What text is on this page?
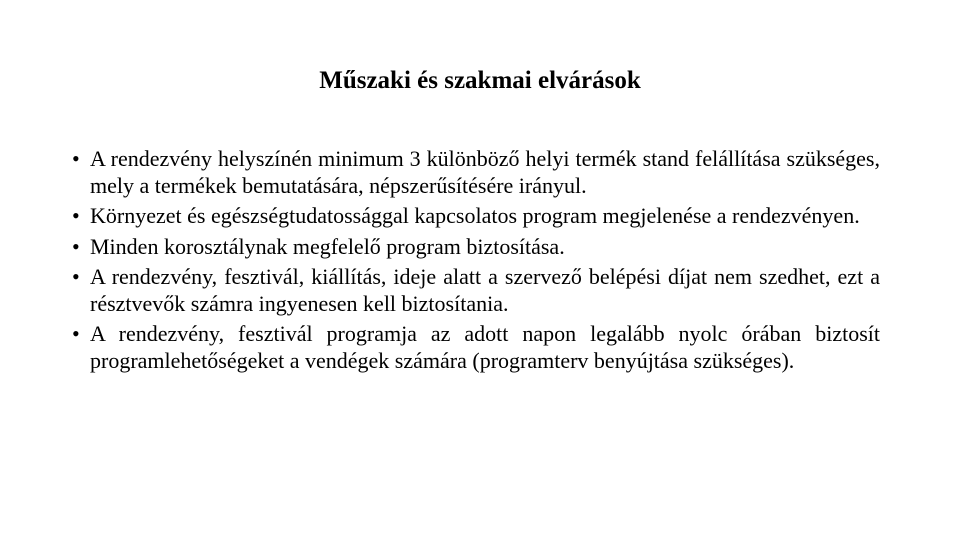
Műszaki és szakmai elvárások
• A rendezvény helyszínén minimum 3 különböző helyi termék stand felállítása szükséges, mely a termékek bemutatására, népszerűsítésére irányul.
• Környezet és egészségtudatossággal kapcsolatos program megjelenése a rendezvényen.
• Minden korosztálynak megfelelő program biztosítása.
• A rendezvény, fesztivál, kiállítás, ideje alatt a szervező belépési díjat nem szedhet, ezt a résztvevők számra ingyenesen kell biztosítania.
• A rendezvény, fesztivál programja az adott napon legalább nyolc órában biztosít programlehetőségeket a vendégek számára (programterv benyújtása szükséges).
